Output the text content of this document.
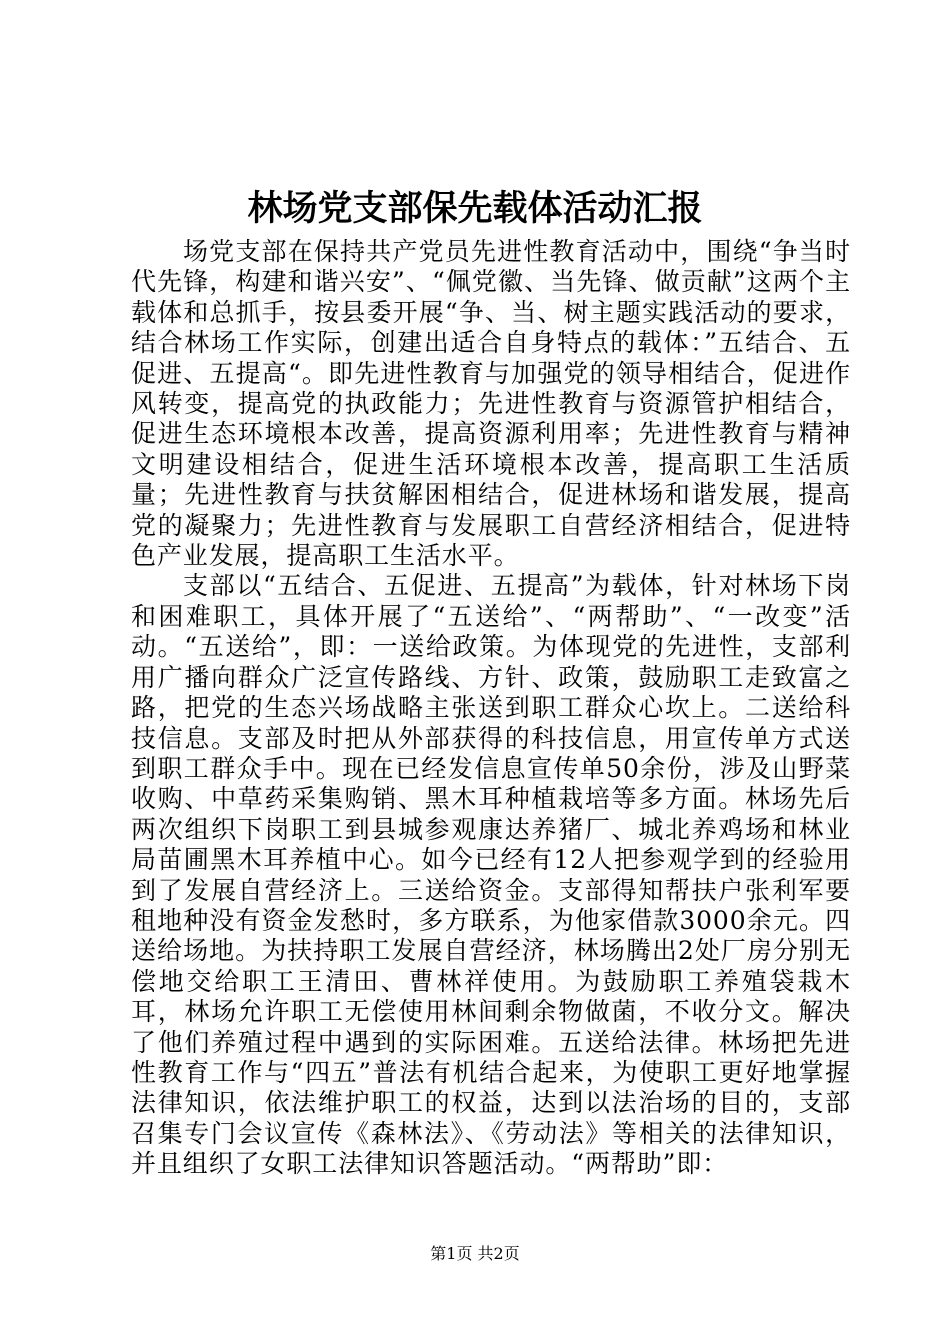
林场党支部保先载体活动汇报

场党支部在保持共产党员先进性教育活动中，围绕“争当时代先锋，构建和谐兴安”、“佩党徽、当先锋、做贡献”这两个主载体和总抓手，按县委开展“争、当、树主题实践活动的要求，结合林场工作实际，创建出适合自身特点的载体：”五结合、五促进、五提高“。即先进性教育与加强党的领导相结合，促进作风转变，提高党的执政能力；先进性教育与资源管护相结合，促进生态环境根本改善，提高资源利用率；先进性教育与精神文明建设相结合，促进生活环境根本改善，提高职工生活质量；先进性教育与扶贫解困相结合，促进林场和谐发展，提高党的凝聚力；先进性教育与发展职工自营经济相结合，促进特色产业发展，提高职工生活水平。

支部以“五结合、五促进、五提高”为载体，针对林场下岗和困难职工，具体开展了“五送给”、“两帮助”、“一改变”活动。“五送给”，即：一送给政策。为体现党的先进性，支部利用广播向群众广泛宣传路线、方针、政策，鼓励职工走致富之路，把党的生态兴场战略主张送到职工群众心坎上。二送给科技信息。支部及时把从外部获得的科技信息，用宣传单方式送到职工群众手中。现在已经发信息宣传单50余份，涉及山野菜收购、中草药采集购销、黑木耳种植栽培等多方面。林场先后两次组织下岗职工到县城参观康达养猪厂、城北养鸡场和林业局苗圃黑木耳养植中心。如今已经有12人把参观学到的经验用到了发展自营经济上。三送给资金。支部得知帮扶户张利军要租地种没有资金发愁时，多方联系，为他家借款3000余元。四送给场地。为扶持职工发展自营经济，林场腾出2处厂房分别无偿地交给职工王清田、曹林祥使用。为鼓励职工养殖袋栽木耳，林场允许职工无偿使用林间剩余物做菌，不收分文。解决了他们养殖过程中遇到的实际困难。五送给法律。林场把先进性教育工作与“四五”普法有机结合起来，为使职工更好地掌握法律知识，依法维护职工的权益，达到以法治场的目的，支部召集专门会议宣传《森林法》、《劳动法》等相关的法律知识，并且组织了女职工法律知识答题活动。“两帮助”即：

第1页 共2页
